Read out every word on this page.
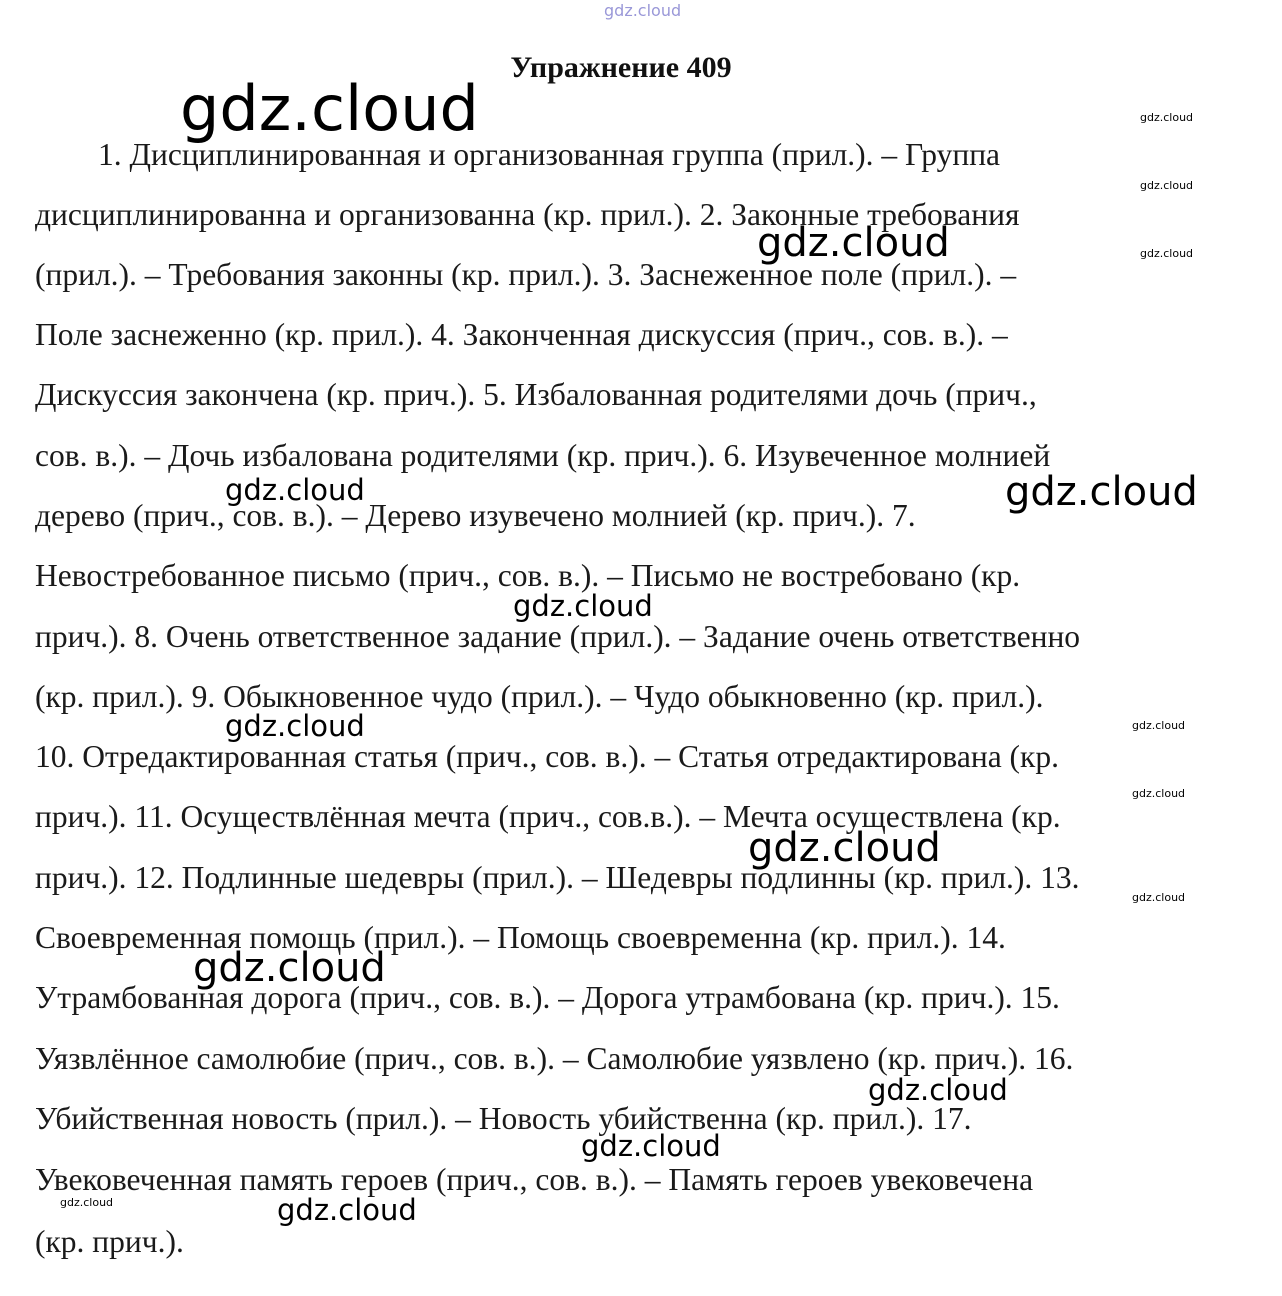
gdz.cloud
Упражнение 409
1. Дисциплинированная и организованная группа (прил.). – Группа
дисциплинированна и организованна (кр. прил.). 2. Законные требования
(прил.). – Требования законны (кр. прил.). 3. Заснеженное поле (прил.). –
Поле заснеженно (кр. прил.). 4. Законченная дискуссия (прич., сов. в.). –
Дискуссия закончена (кр. прич.). 5. Избалованная родителями дочь (прич.,
сов. в.). – Дочь избалована родителями (кр. прич.). 6. Изувеченное молнией
дерево (прич., сов. в.). – Дерево изувечено молнией (кр. прич.). 7.
Невостребованное письмо (прич., сов. в.). – Письмо не востребовано (кр.
прич.). 8. Очень ответственное задание (прил.). – Задание очень ответственно
(кр. прил.). 9. Обыкновенное чудо (прил.). – Чудо обыкновенно (кр. прил.).
10. Отредактированная статья (прич., сов. в.). – Статья отредактирована (кр.
прич.). 11. Осуществлённая мечта (прич., сов.в.). – Мечта осуществлена (кр.
прич.). 12. Подлинные шедевры (прил.). – Шедевры подлинны (кр. прил.). 13.
Своевременная помощь (прил.). – Помощь своевременна (кр. прил.). 14.
Утрамбованная дорога (прич., сов. в.). – Дорога утрамбована (кр. прич.). 15.
Уязвлённое самолюбие (прич., сов. в.). – Самолюбие уязвлено (кр. прич.). 16.
Убийственная новость (прил.). – Новость убийственна (кр. прил.). 17.
Увековеченная память героев (прич., сов. в.). – Память героев увековечена
(кр. прич.).
gdz.cloud	gdz.cloud
gdz.cloud
gdz.cloud	gdz.cloud
gdz.cloud	gdz.cloud
gdz.cloud
gdz.cloud	gdz.cloud
gdz.cloud
gdz.cloud
gdz.cloud
gdz.cloud
gdz.cloud
gdz.cloud
gdz.cloud	gdz.cloud
